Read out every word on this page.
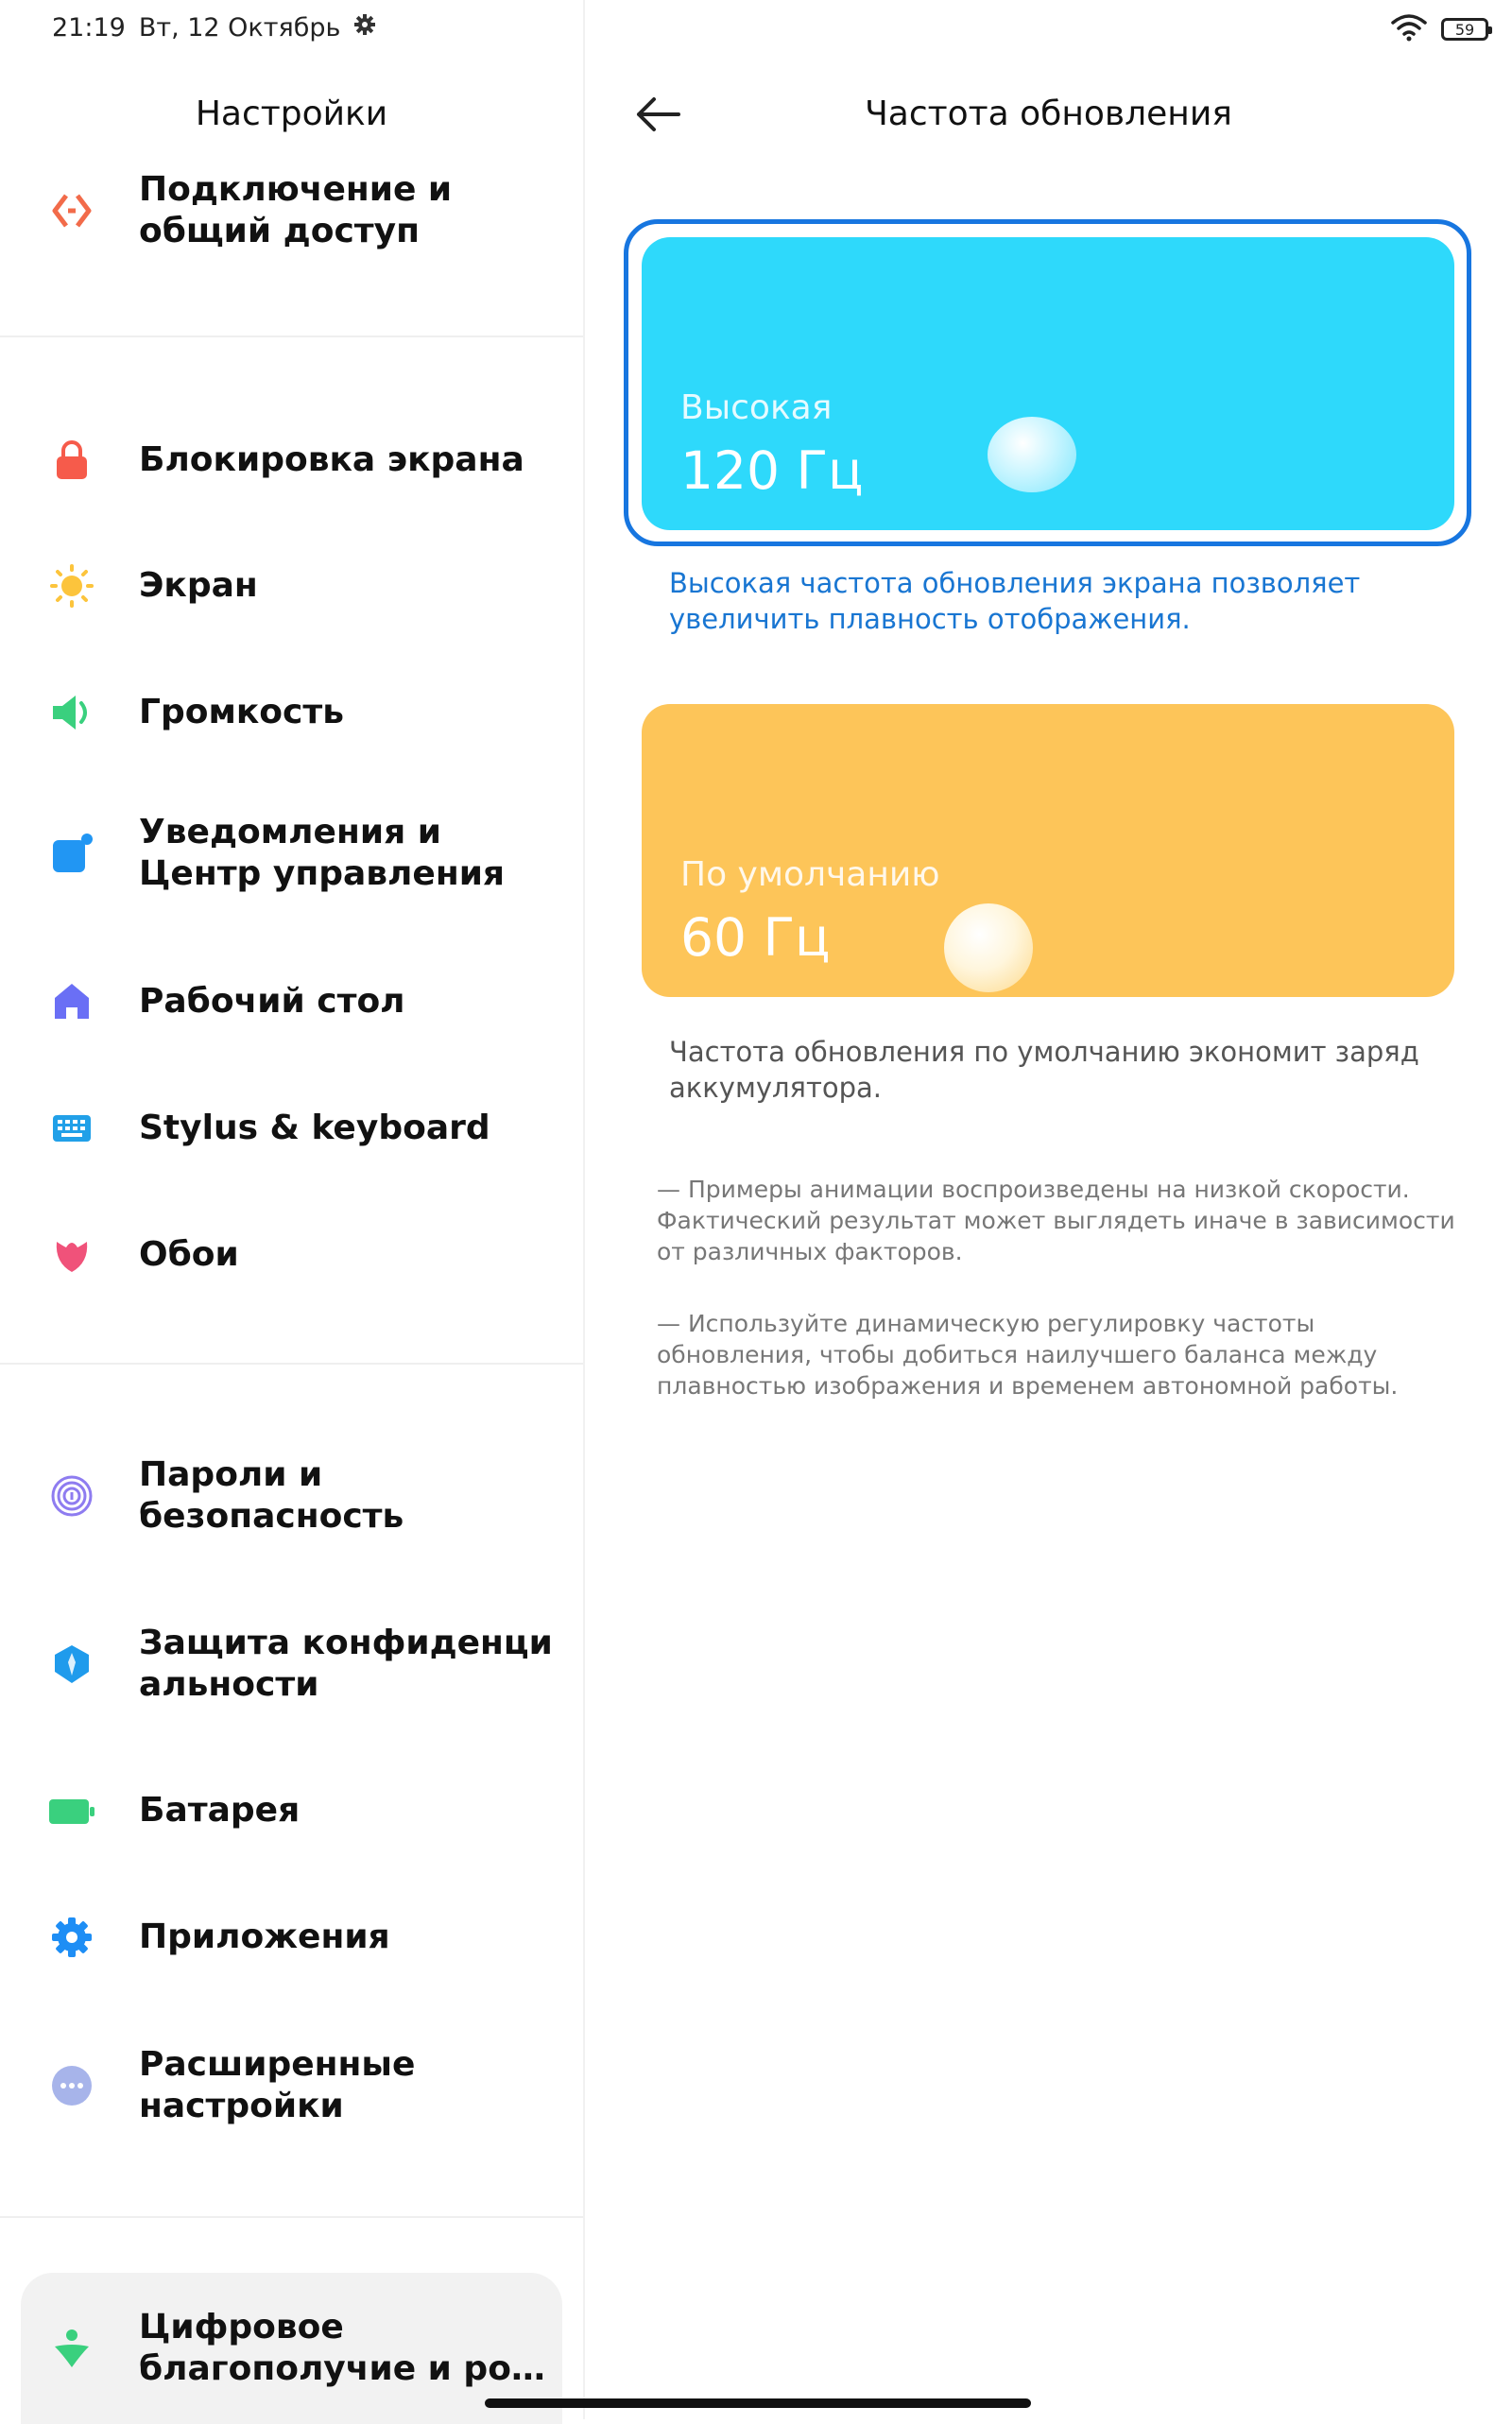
Настройки
Подключение и
общий доступ
Блокировка экрана
Экран
Громкость
Уведомления и
Центр управления
Рабочий стол
Stylus & keyboard
Обои
Пароли и
безопасность
Защита конфиденци
альности
Батарея
Приложения
Расширенные
настройки
Цифровое
благополучие и ро…
21:19 Вт, 12 Октябрь	59
Частота обновления
Высокая
120 Гц
Высокая частота обновления экрана позволяет увеличить плавность отображения.
По умолчанию
60 Гц
Частота обновления по умолчанию экономит заряд аккумулятора.
— Примеры анимации воспроизведены на низкой скорости. Фактический результат может выглядеть иначе в зависимости от различных факторов.
— Используйте динамическую регулировку частоты обновления, чтобы добиться наилучшего баланса между плавностью изображения и временем автономной работы.
